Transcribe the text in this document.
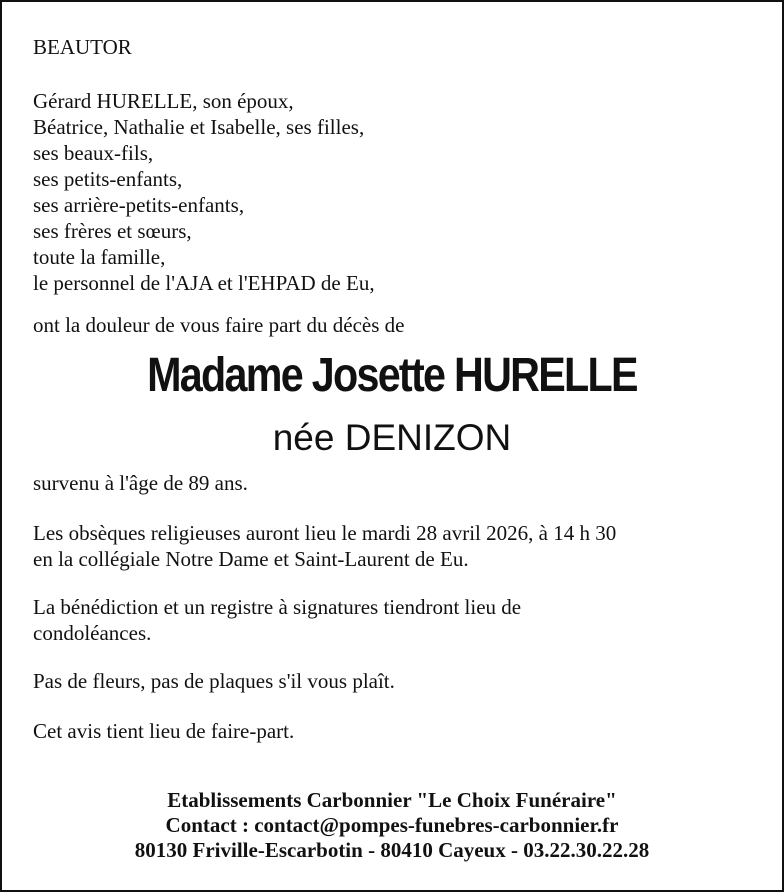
BEAUTOR

Gérard HURELLE, son époux,
Béatrice, Nathalie et Isabelle, ses filles,
ses beaux-fils,
ses petits-enfants,
ses arrière-petits-enfants,
ses frères et sœurs,
toute la famille,
le personnel de l'AJA et l'EHPAD de Eu,

ont la douleur de vous faire part du décès de

Madame Josette HURELLE
née DENIZON

survenu à l'âge de 89 ans.

Les obsèques religieuses auront lieu le mardi 28 avril 2026, à 14 h 30
en la collégiale Notre Dame et Saint-Laurent de Eu.
La bénédiction et un registre à signatures tiendront lieu de
condoléances.

Pas de fleurs, pas de plaques s'il vous plaît.

Cet avis tient lieu de faire-part.

Etablissements Carbonnier "Le Choix Funéraire"
Contact : contact@pompes-funebres-carbonnier.fr
80130 Friville-Escarbotin - 80410 Cayeux - 03.22.30.22.28
